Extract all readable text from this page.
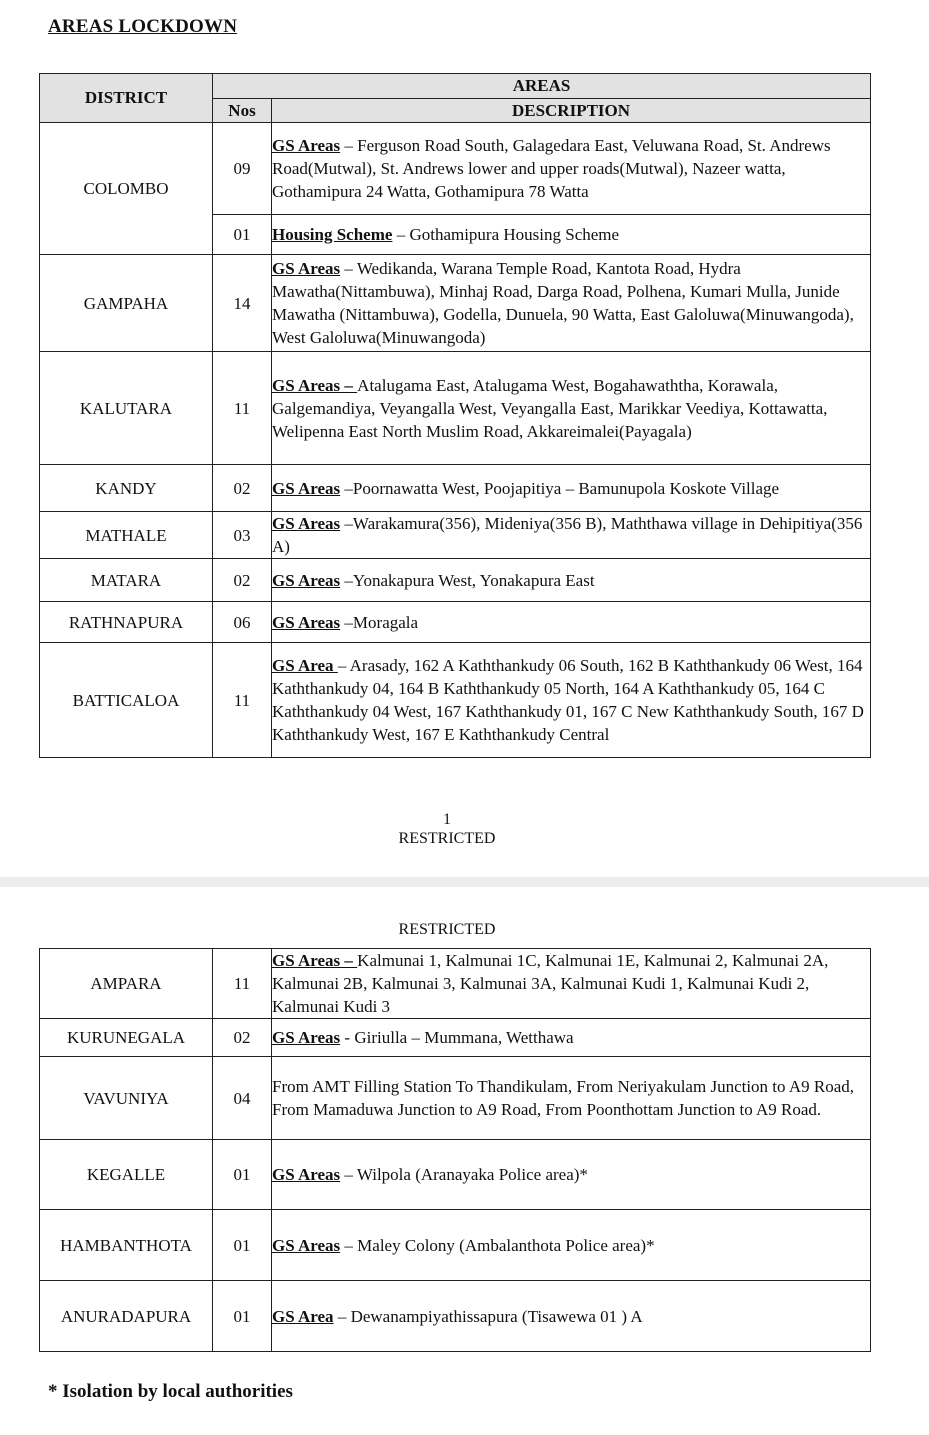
AREAS LOCKDOWN
DISTRICT	AREAS	
	Nos	DESCRIPTION
COLOMBO	09	GS Areas – Ferguson Road South, Galagedara East, Veluwana Road, St. Andrews Road(Mutwal), St. Andrews lower and upper roads(Mutwal), Nazeer watta, Gothamipura 24 Watta, Gothamipura 78 Watta
	01	Housing Scheme – Gothamipura Housing Scheme
GAMPAHA	14	GS Areas – Wedikanda, Warana Temple Road, Kantota Road, Hydra Mawatha(Nittambuwa), Minhaj Road, Darga Road, Polhena, Kumari Mulla, Junide Mawatha (Nittambuwa), Godella, Dunuela, 90 Watta, East Galoluwa(Minuwangoda), West Galoluwa(Minuwangoda)
KALUTARA	11	GS Areas – Atalugama East, Atalugama West, Bogahawaththa, Korawala, Galgemandiya, Veyangalla West, Veyangalla East, Marikkar Veediya, Kottawatta, Welipenna East North Muslim Road, Akkareimalei(Payagala)
KANDY	02	GS Areas –Poornawatta West, Poojapitiya – Bamunupola Koskote Village
MATHALE	03	GS Areas –Warakamura(356), Mideniya(356 B), Maththawa village in Dehipitiya(356 A)
MATARA	02	GS Areas –Yonakapura West, Yonakapura East
RATHNAPURA	06	GS Areas –Moragala
BATTICALOA	11	GS Area – Arasady, 162 A Kaththankudy 06 South, 162 B Kaththankudy 06 West, 164 Kaththankudy 04, 164 B Kaththankudy 05 North, 164 A Kaththankudy 05, 164 C Kaththankudy 04 West, 167 Kaththankudy 01, 167 C New Kaththankudy South, 167 D Kaththankudy West, 167 E Kaththankudy Central
1
RESTRICTED
RESTRICTED
AMPARA	11	GS Areas – Kalmunai 1, Kalmunai 1C, Kalmunai 1E, Kalmunai 2, Kalmunai 2A, Kalmunai 2B, Kalmunai 3, Kalmunai 3A, Kalmunai Kudi 1, Kalmunai Kudi 2, Kalmunai Kudi 3
KURUNEGALA	02	GS Areas - Giriulla – Mummana, Wetthawa
VAVUNIYA	04	From AMT Filling Station To Thandikulam, From Neriyakulam Junction to A9 Road, From Mamaduwa Junction to A9 Road, From Poonthottam Junction to A9 Road.
KEGALLE	01	GS Areas – Wilpola (Aranayaka Police area)*
HAMBANTHOTA	01	GS Areas – Maley Colony (Ambalanthota Police area)*
ANURADAPURA	01	GS Area – Dewanampiyathissapura (Tisawewa 01 ) A
* Isolation by local authorities
